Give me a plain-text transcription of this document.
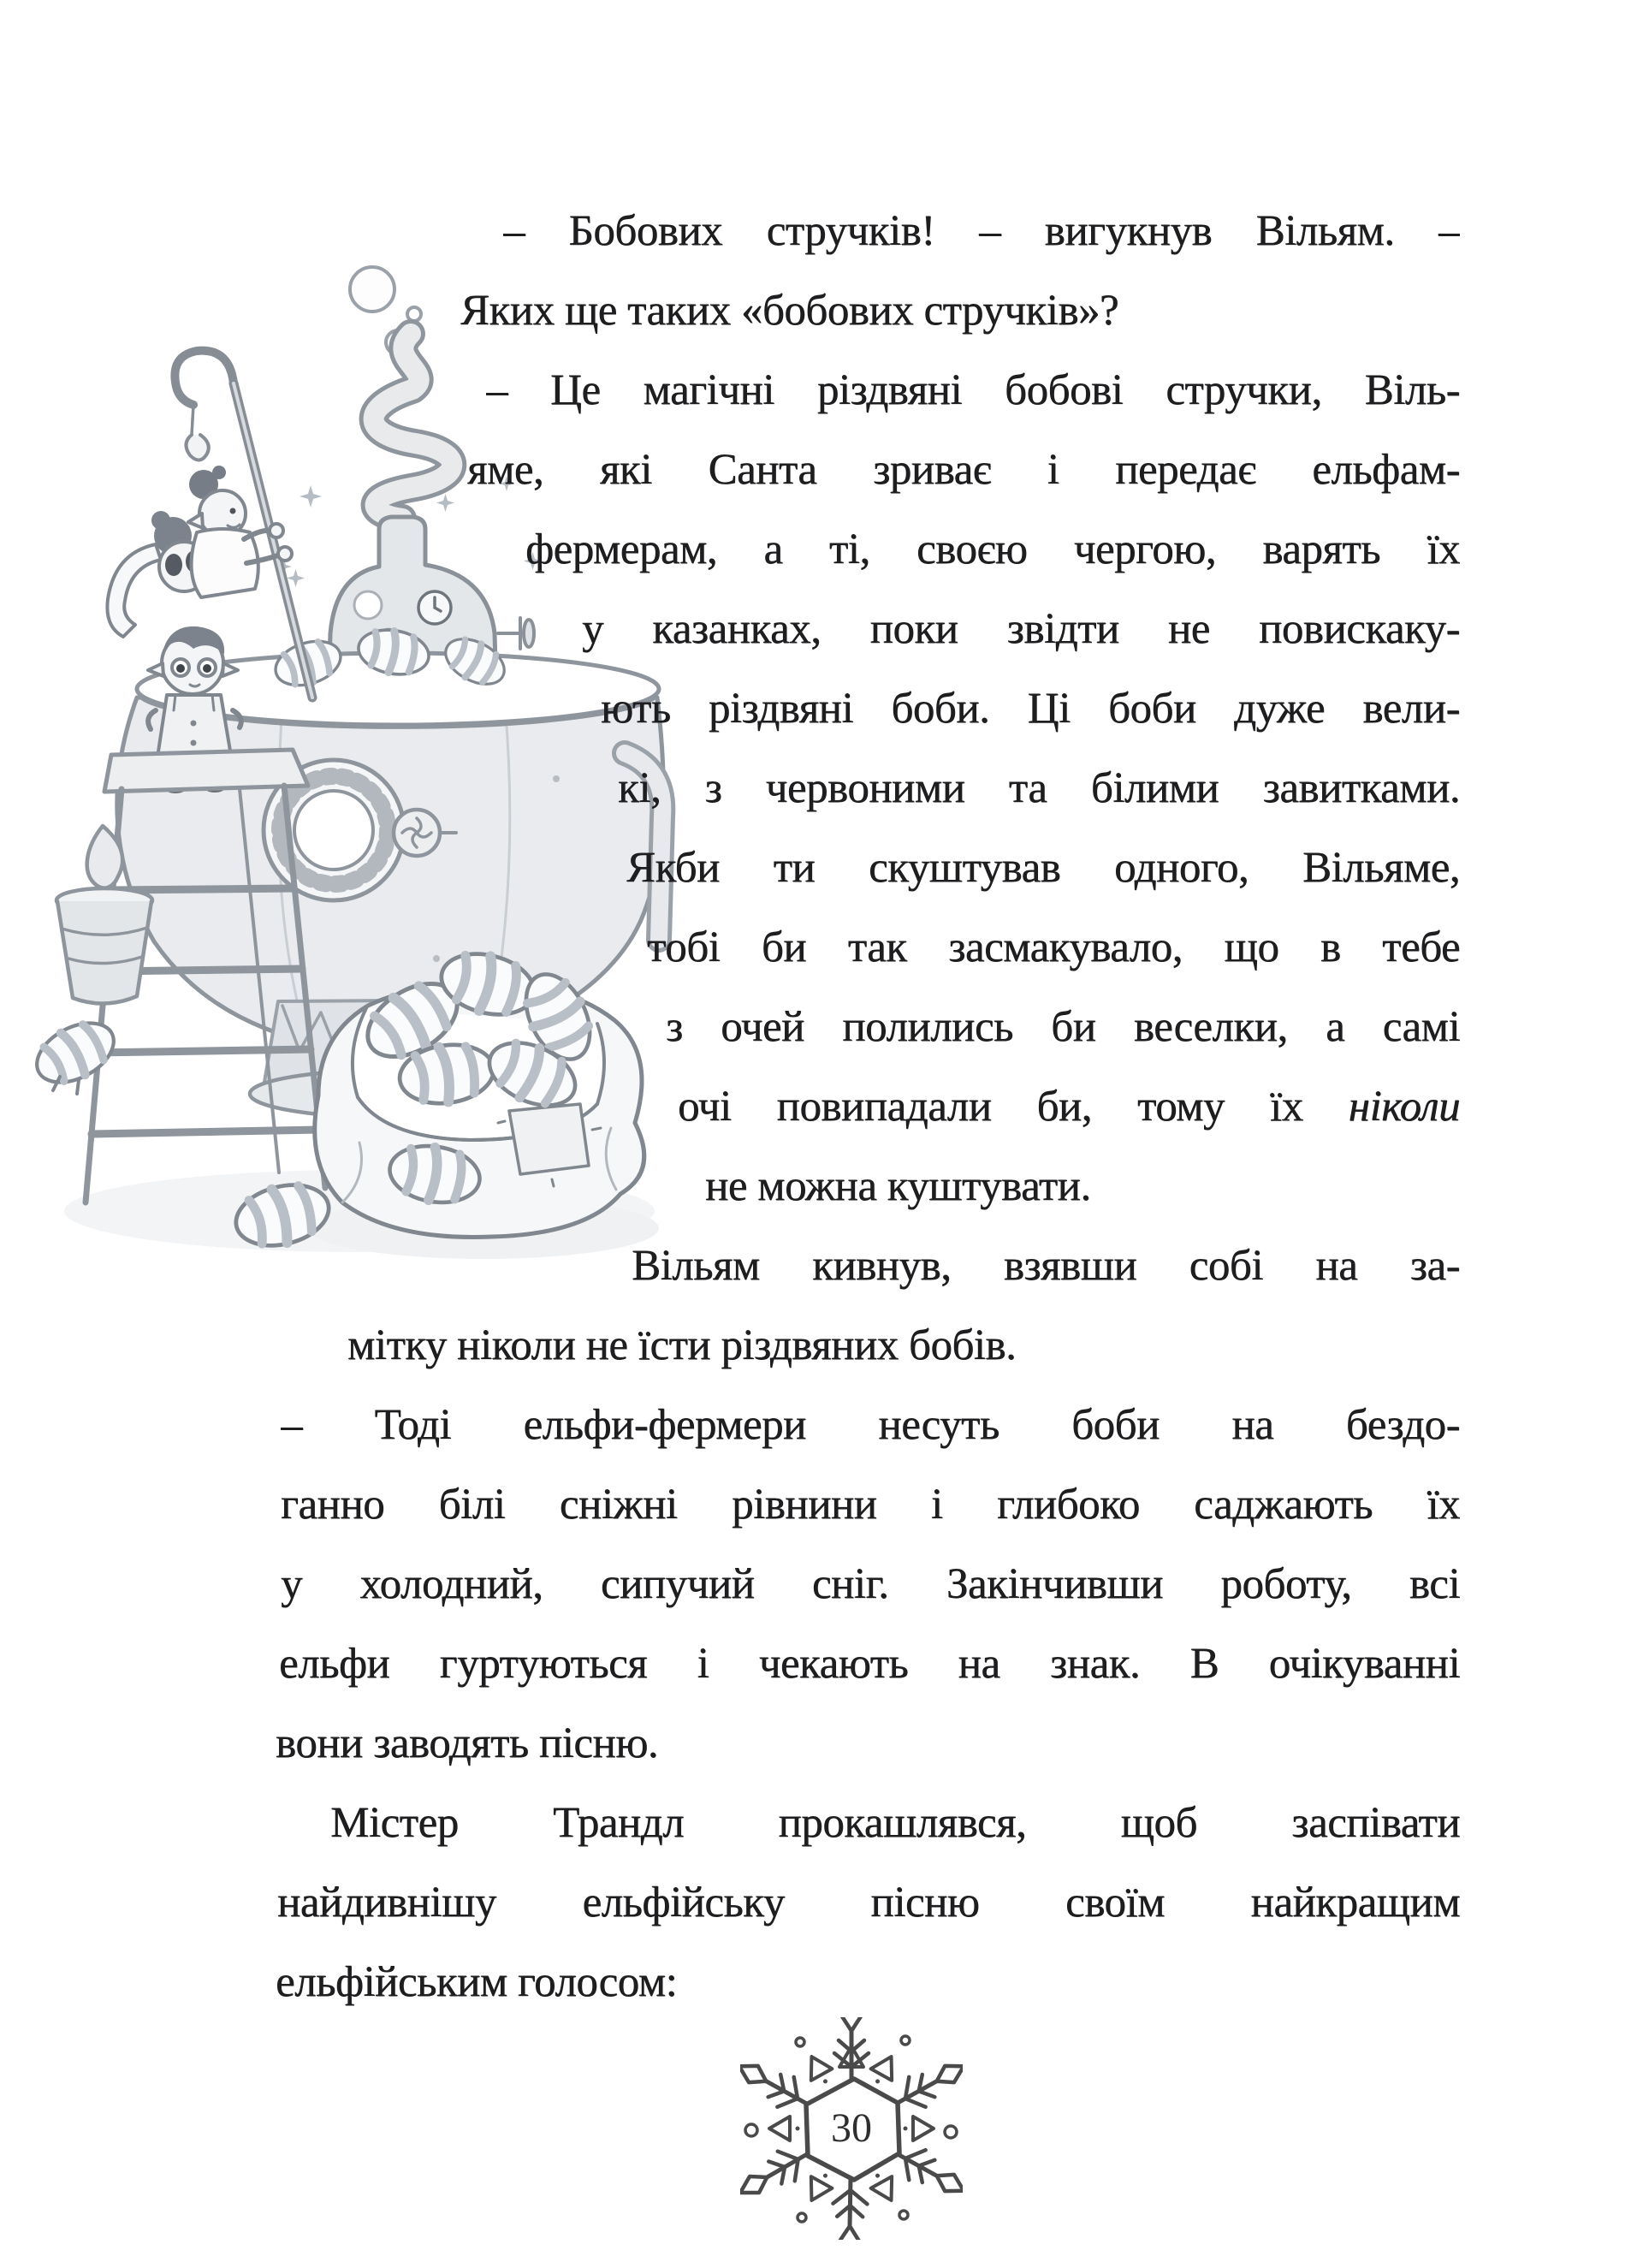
– Бобових стручків! – вигукнув Вільям. –
Яких ще таких «бобових стручків»?
– Це магічні різдвяні бобові стручки, Віль-
яме, які Санта зриває і передає ельфам-
фермерам, а ті, своєю чергою, варять їх
у казанках, поки звідти не повискаку-
ють різдвяні боби. Ці боби дуже вели-
кі, з червоними та білими завитками.
Якби ти скуштував одного, Вільяме,
тобі би так засмакувало, що в тебе
з очей полились би веселки, а самі
очі повипадали би, тому їх ніколи
не можна куштувати.
Вільям кивнув, взявши собі на за-
мітку ніколи не їсти різдвяних бобів.
– Тоді ельфи-фермери несуть боби на бездо-
ганно білі сніжні рівнини і глибоко саджають їх
у холодний, сипучий сніг. Закінчивши роботу, всі
ельфи гуртуються і чекають на знак. В очікуванні
вони заводять пісню.
Містер Трандл прокашлявся, щоб заспівати
найдивнішу ельфійську пісню своїм найкращим
ельфійським голосом:
30
